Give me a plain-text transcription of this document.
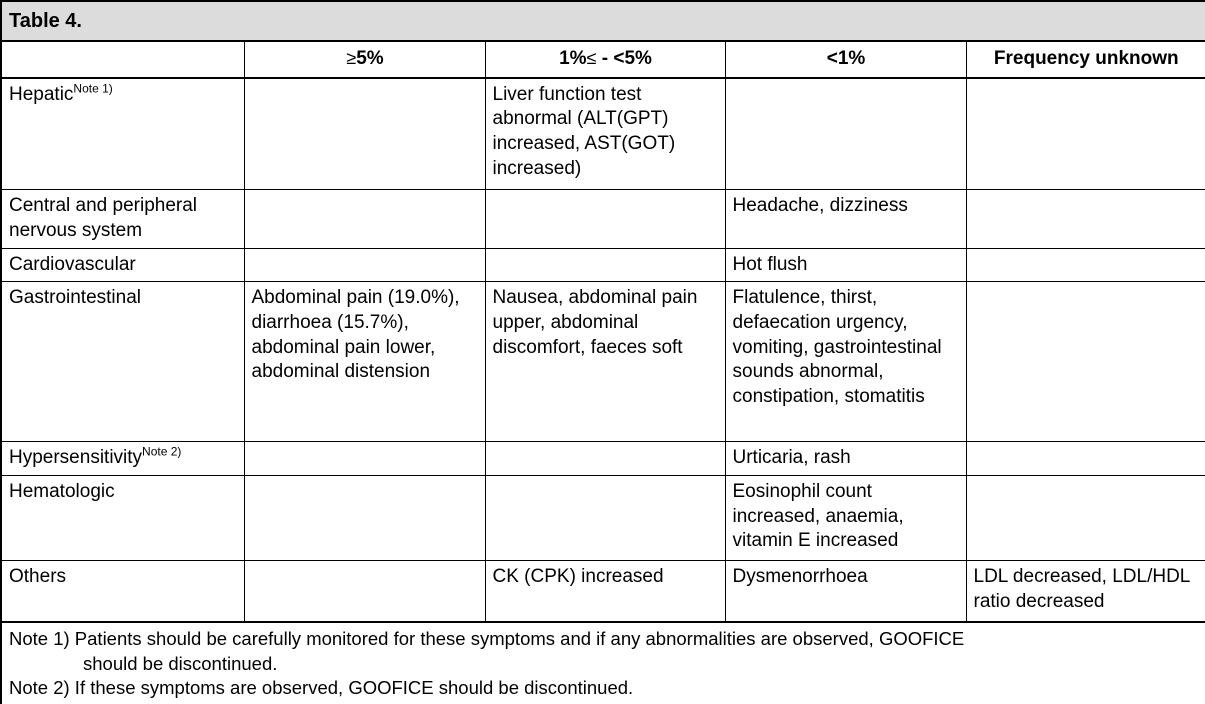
Table 4.				
	≥5%	1%≤ - <5%	<1%	Frequency unknown
Hepatic$^{Note 1)}$		Liver function test abnormal (ALT(GPT) increased, AST(GOT) increased)		
Central and peripheral nervous system			Headache, dizziness	
Cardiovascular			Hot flush	
Gastrointestinal	Abdominal pain (19.0%), diarrhoea (15.7%), abdominal pain lower, abdominal distension	Nausea, abdominal pain upper, abdominal discomfort, faeces soft	Flatulence, thirst, defaecation urgency, vomiting, gastrointestinal sounds abnormal, constipation, stomatitis	
Hypersensitivity$^{Note 2)}$			Urticaria, rash	
Hematologic			Eosinophil count increased, anaemia, vitamin E increased	
Others		CK (CPK) increased	Dysmenorrhoea	LDL decreased, LDL/HDL ratio decreased

Note 1) Patients should be carefully monitored for these symptoms and if any abnormalities are observed, GOOFICE
should be discontinued.
Note 2) If these symptoms are observed, GOOFICE should be discontinued.				
